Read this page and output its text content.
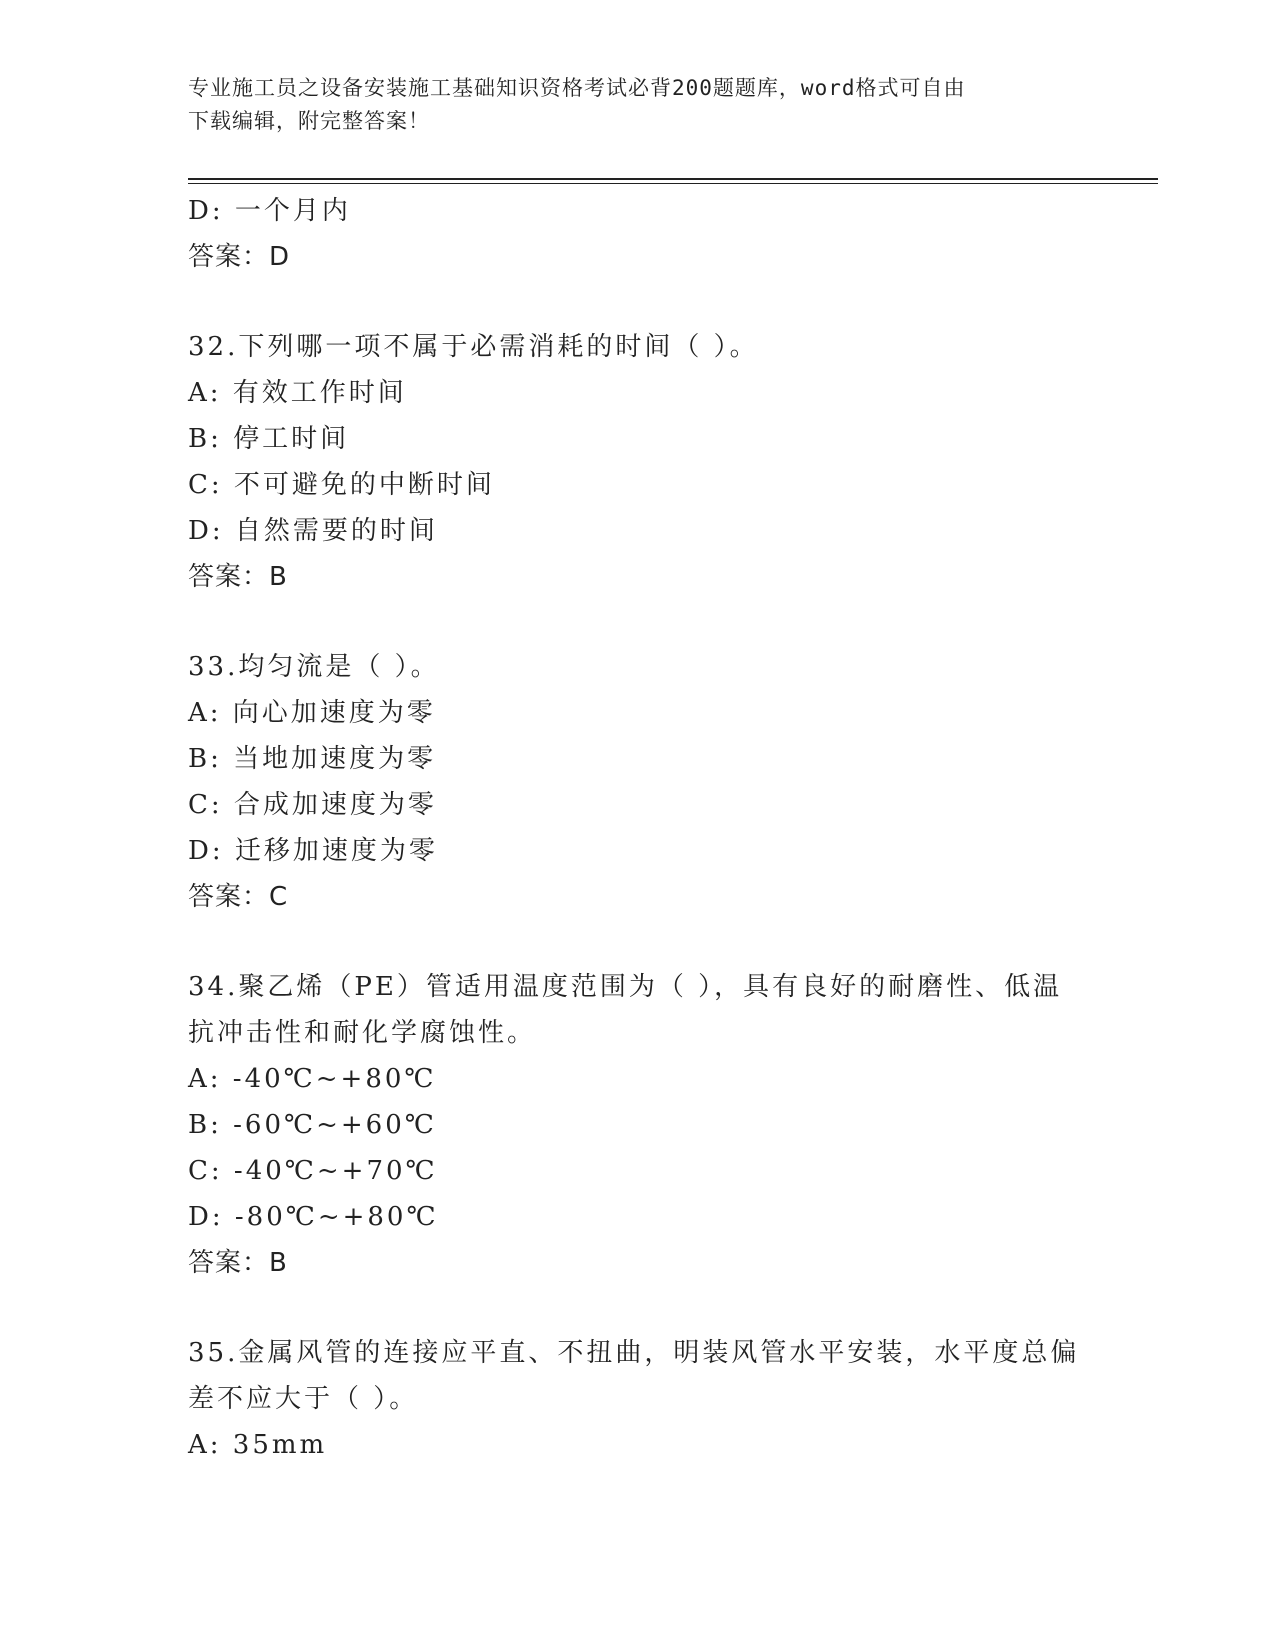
专业施工员之设备安装施工基础知识资格考试必背200题题库，word格式可自由
下载编辑，附完整答案！
D: 一个月内
答案：D
32.下列哪一项不属于必需消耗的时间（ ）。
A: 有效工作时间
B: 停工时间
C: 不可避免的中断时间
D: 自然需要的时间
答案：B
33.均匀流是（ ）。
A: 向心加速度为零
B: 当地加速度为零
C: 合成加速度为零
D: 迁移加速度为零
答案：C
34.聚乙烯（PE）管适用温度范围为（ ），具有良好的耐磨性、低温
抗冲击性和耐化学腐蚀性。
A: -40℃~+80℃
B: -60℃~+60℃
C: -40℃~+70℃
D: -80℃~+80℃
答案：B
35.金属风管的连接应平直、不扭曲，明装风管水平安装，水平度总偏
差不应大于（ ）。
A: 35mm
